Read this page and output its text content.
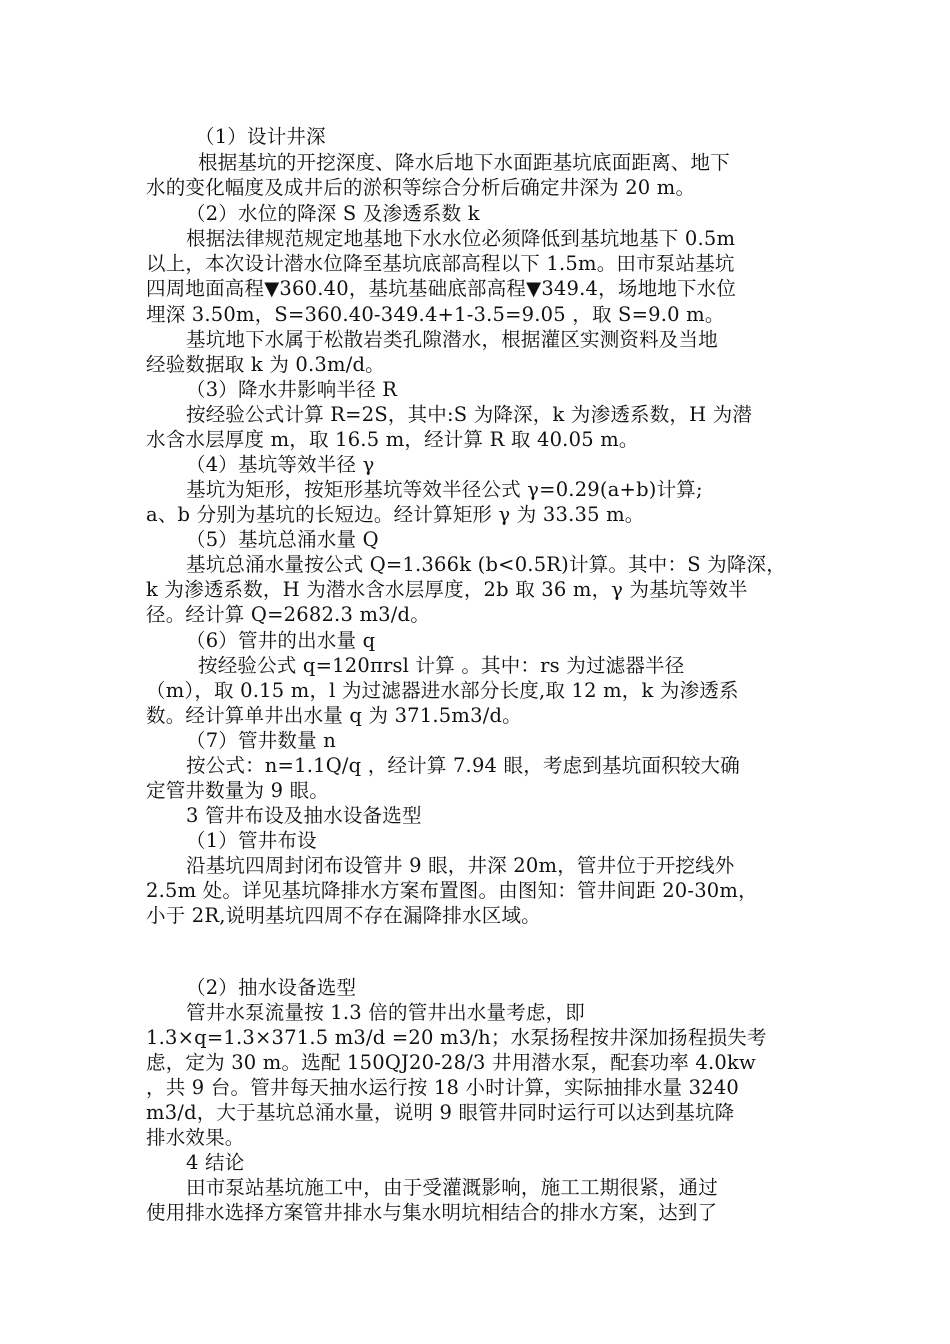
（1）设计井深
根据基坑的开挖深度、降水后地下水面距基坑底面距离、地下
水的变化幅度及成井后的淤积等综合分析后确定井深为 20 m。
（2）水位的降深 S 及渗透系数 k
根据法律规范规定地基地下水水位必须降低到基坑地基下 0.5m
以上，本次设计潜水位降至基坑底部高程以下 1.5m。田市泵站基坑
四周地面高程▼360.40，基坑基础底部高程▼349.4，场地地下水位
埋深 3.50m，S=360.40-349.4+1-3.5=9.05 ，取 S=9.0 m。
基坑地下水属于松散岩类孔隙潜水，根据灌区实测资料及当地
经验数据取 k 为 0.3m/d。
（3）降水井影响半径 R
按经验公式计算 R=2S，其中:S 为降深，k 为渗透系数，H 为潜
水含水层厚度 m，取 16.5 m，经计算 R 取 40.05 m。
（4）基坑等效半径 γ
基坑为矩形，按矩形基坑等效半径公式 γ=0.29(a+b)计算;
a、b 分别为基坑的长短边。经计算矩形 γ 为 33.35 m。
（5）基坑总涌水量 Q
基坑总涌水量按公式 Q=1.366k (b<0.5R)计算。其中：S 为降深，
k 为渗透系数，H 为潜水含水层厚度，2b 取 36 m，γ 为基坑等效半
径。经计算 Q=2682.3 m3/d。
（6）管井的出水量 q
按经验公式 q=120πrsl 计算 。其中：rs 为过滤器半径
（m），取 0.15 m，l 为过滤器进水部分长度,取 12 m，k 为渗透系
数。经计算单井出水量 q 为 371.5m3/d。
（7）管井数量 n
按公式：n=1.1Q/q ，经计算 7.94 眼，考虑到基坑面积较大确
定管井数量为 9 眼。
3 管井布设及抽水设备选型
（1）管井布设
沿基坑四周封闭布设管井 9 眼，井深 20m，管井位于开挖线外
2.5m 处。详见基坑降排水方案布置图。由图知：管井间距 20-30m，
小于 2R,说明基坑四周不存在漏降排水区域。
（2）抽水设备选型
管井水泵流量按 1.3 倍的管井出水量考虑，即
1.3×q=1.3×371.5 m3/d =20 m3/h；水泵扬程按井深加扬程损失考
虑，定为 30 m。选配 150QJ20-28/3 井用潜水泵，配套功率 4.0kw
，共 9 台。管井每天抽水运行按 18 小时计算，实际抽排水量 3240
m3/d，大于基坑总涌水量，说明 9 眼管井同时运行可以达到基坑降
排水效果。
4 结论
田市泵站基坑施工中，由于受灌溉影响，施工工期很紧，通过
使用排水选择方案管井排水与集水明坑相结合的排水方案，达到了
